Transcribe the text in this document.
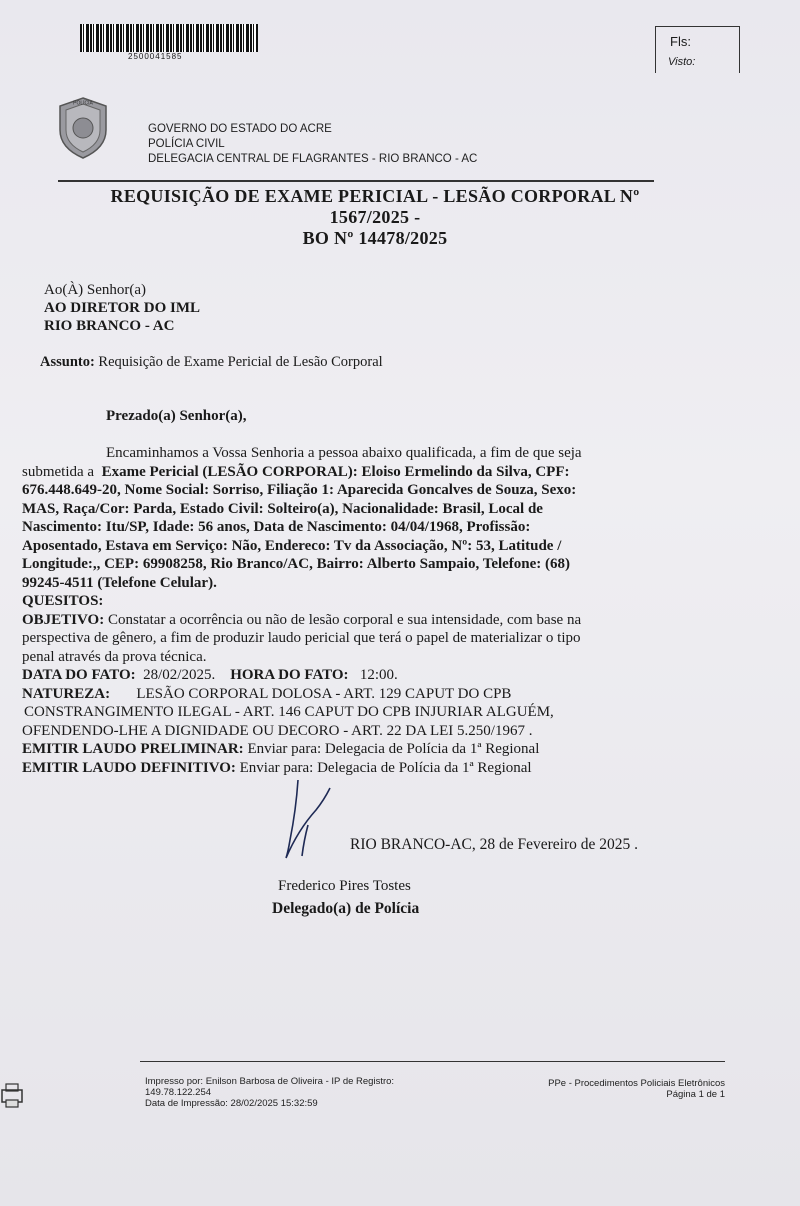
2500041585
Fls:
Visto:
POLÍCIA
GOVERNO DO ESTADO DO ACRE
POLÍCIA CIVIL
DELEGACIA CENTRAL DE FLAGRANTES - RIO BRANCO - AC
REQUISIÇÃO DE EXAME PERICIAL - LESÃO CORPORAL Nº
1567/2025 -
BO Nº 14478/2025
Ao(À) Senhor(a)
AO DIRETOR DO IML
RIO BRANCO - AC
Assunto: Requisição de Exame Pericial de Lesão Corporal
Prezado(a) Senhor(a),
Encaminhamos a Vossa Senhoria a pessoa abaixo qualificada, a fim de que seja
submetida a
Exame Pericial (LESÃO CORPORAL): Eloiso Ermelindo da Silva, CPF:
676.448.649-20, Nome Social: Sorriso, Filiação 1: Aparecida Goncalves de Souza, Sexo:
MAS, Raça/Cor: Parda, Estado Civil: Solteiro(a), Nacionalidade: Brasil, Local de
Nascimento: Itu/SP, Idade: 56 anos, Data de Nascimento: 04/04/1968, Profissão:
Aposentado, Estava em Serviço: Não, Endereco: Tv da Associação, Nº: 53, Latitude /
Longitude:,, CEP: 69908258, Rio Branco/AC, Bairro: Alberto Sampaio, Telefone: (68)
99245-4511 (Telefone Celular).
QUESITOS:
OBJETIVO:
Constatar a ocorrência ou não de lesão corporal e sua intensidade, com base na
perspectiva de gênero, a fim de produzir laudo pericial que terá o papel de materializar o tipo
penal através da prova técnica.
DATA DO FATO:
28/02/2025.
HORA DO FATO:
12:00.
NATUREZA:
LESÃO CORPORAL DOLOSA - ART. 129 CAPUT DO CPB
CONSTRANGIMENTO ILEGAL - ART. 146 CAPUT DO CPB INJURIAR ALGUÉM,
OFENDENDO-LHE A DIGNIDADE OU DECORO - ART. 22 DA LEI 5.250/1967 .
EMITIR LAUDO PRELIMINAR:
Enviar para: Delegacia de Polícia da 1ª Regional
EMITIR LAUDO DEFINITIVO:
Enviar para: Delegacia de Polícia da 1ª Regional
RIO BRANCO-AC, 28 de Fevereiro de 2025 .
Frederico Pires Tostes
Delegado(a) de Polícia
Impresso por: Enilson Barbosa de Oliveira - IP de Registro:
149.78.122.254
Data de Impressão: 28/02/2025 15:32:59
PPe - Procedimentos Policiais Eletrônicos
Página 1 de 1
